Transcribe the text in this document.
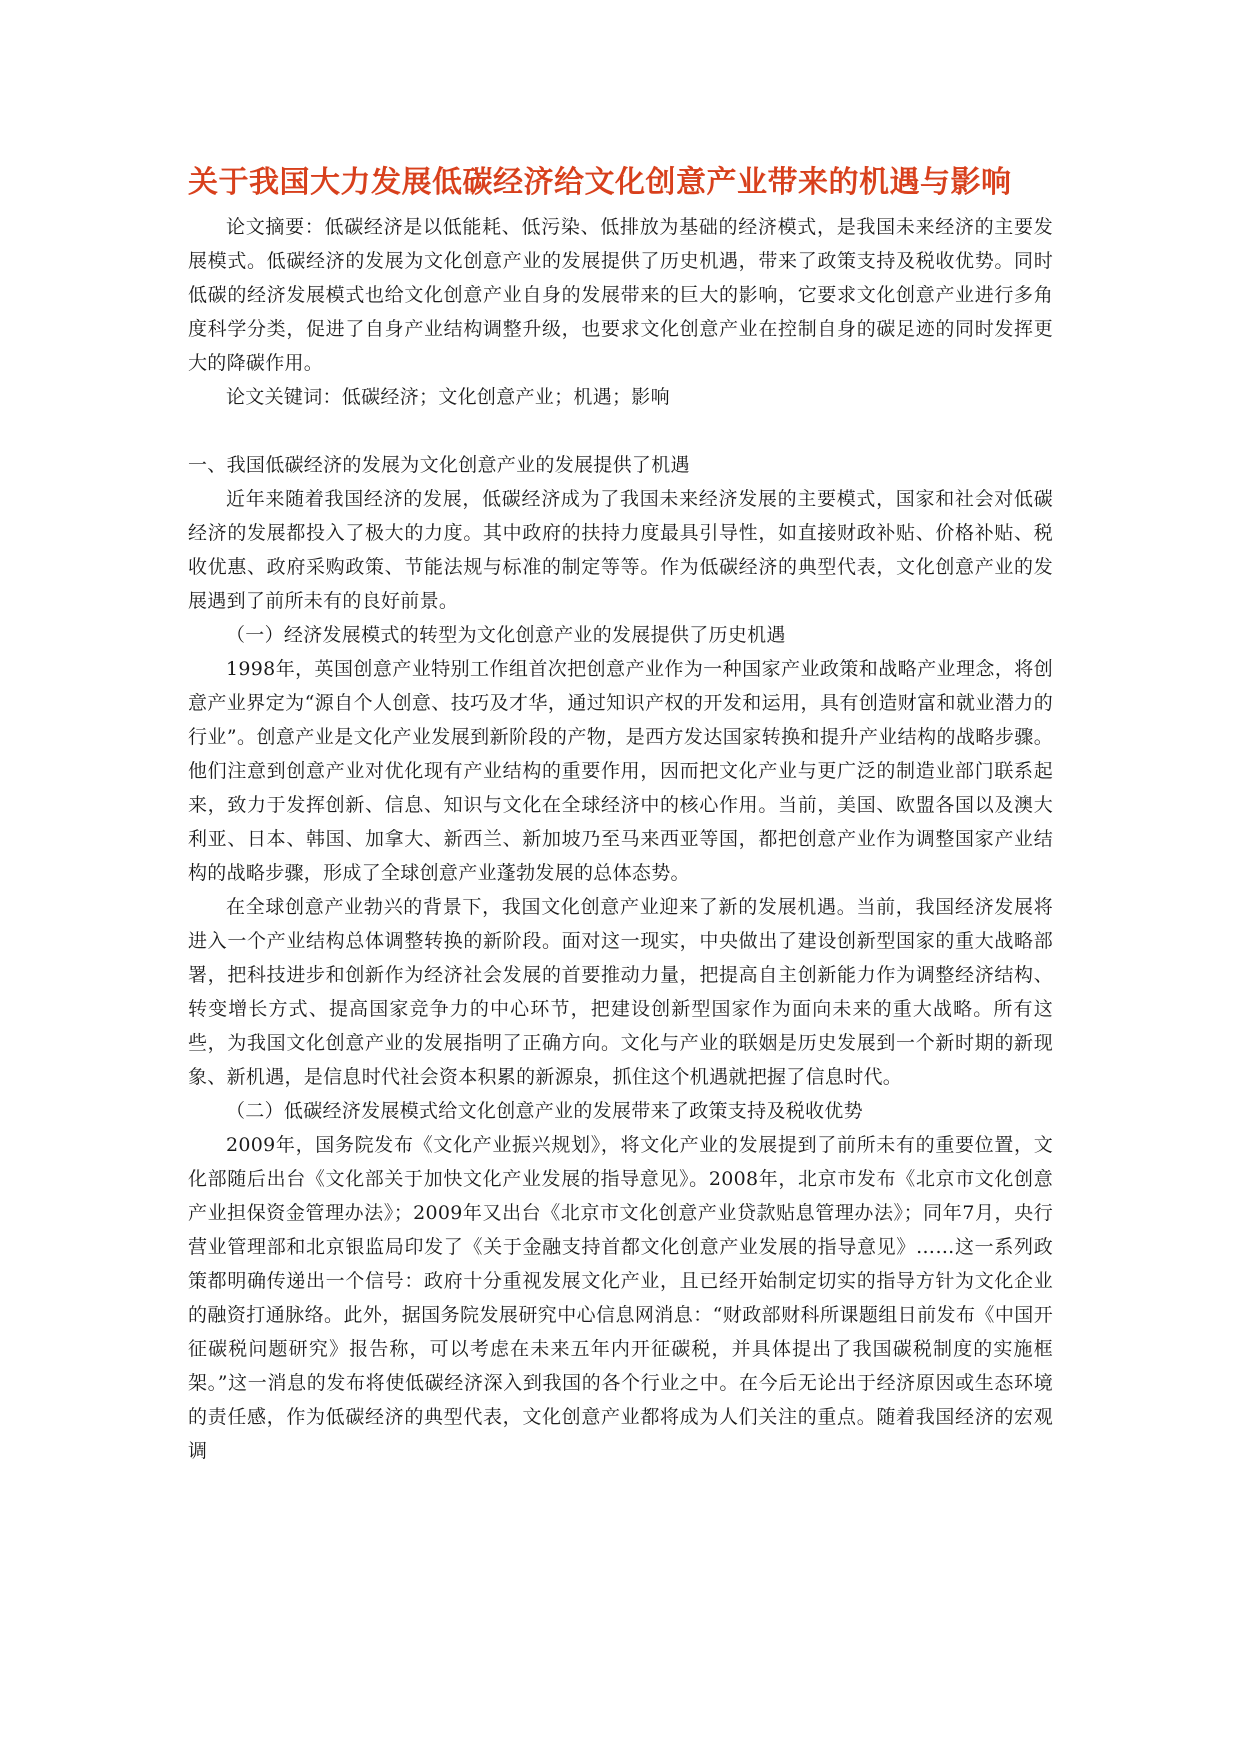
关于我国大力发展低碳经济给文化创意产业带来的机遇与影响

论文摘要：低碳经济是以低能耗、低污染、低排放为基础的经济模式，是我国未来经济的主要发展模式。低碳经济的发展为文化创意产业的发展提供了历史机遇，带来了政策支持及税收优势。同时低碳的经济发展模式也给文化创意产业自身的发展带来的巨大的影响，它要求文化创意产业进行多角度科学分类，促进了自身产业结构调整升级，也要求文化创意产业在控制自身的碳足迹的同时发挥更大的降碳作用。

论文关键词：低碳经济；文化创意产业；机遇；影响

一、我国低碳经济的发展为文化创意产业的发展提供了机遇

近年来随着我国经济的发展，低碳经济成为了我国未来经济发展的主要模式，国家和社会对低碳经济的发展都投入了极大的力度。其中政府的扶持力度最具引导性，如直接财政补贴、价格补贴、税收优惠、政府采购政策、节能法规与标准的制定等等。作为低碳经济的典型代表，文化创意产业的发展遇到了前所未有的良好前景。

（一）经济发展模式的转型为文化创意产业的发展提供了历史机遇

1998年，英国创意产业特别工作组首次把创意产业作为一种国家产业政策和战略产业理念，将创意产业界定为“源自个人创意、技巧及才华，通过知识产权的开发和运用，具有创造财富和就业潜力的行业”。创意产业是文化产业发展到新阶段的产物，是西方发达国家转换和提升产业结构的战略步骤。他们注意到创意产业对优化现有产业结构的重要作用，因而把文化产业与更广泛的制造业部门联系起来，致力于发挥创新、信息、知识与文化在全球经济中的核心作用。当前，美国、欧盟各国以及澳大利亚、日本、韩国、加拿大、新西兰、新加坡乃至马来西亚等国，都把创意产业作为调整国家产业结构的战略步骤，形成了全球创意产业蓬勃发展的总体态势。

在全球创意产业勃兴的背景下，我国文化创意产业迎来了新的发展机遇。当前，我国经济发展将进入一个产业结构总体调整转换的新阶段。面对这一现实，中央做出了建设创新型国家的重大战略部署，把科技进步和创新作为经济社会发展的首要推动力量，把提高自主创新能力作为调整经济结构、转变增长方式、提高国家竞争力的中心环节，把建设创新型国家作为面向未来的重大战略。所有这些，为我国文化创意产业的发展指明了正确方向。文化与产业的联姻是历史发展到一个新时期的新现象、新机遇，是信息时代社会资本积累的新源泉，抓住这个机遇就把握了信息时代。

（二）低碳经济发展模式给文化创意产业的发展带来了政策支持及税收优势

2009年，国务院发布《文化产业振兴规划》，将文化产业的发展提到了前所未有的重要位置，文化部随后出台《文化部关于加快文化产业发展的指导意见》。2008年，北京市发布《北京市文化创意产业担保资金管理办法》；2009年又出台《北京市文化创意产业贷款贴息管理办法》；同年7月，央行营业管理部和北京银监局印发了《关于金融支持首都文化创意产业发展的指导意见》……这一系列政策都明确传递出一个信号：政府十分重视发展文化产业，且已经开始制定切实的指导方针为文化企业的融资打通脉络。此外，据国务院发展研究中心信息网消息：“财政部财科所课题组日前发布《中国开征碳税问题研究》报告称，可以考虑在未来五年内开征碳税，并具体提出了我国碳税制度的实施框架。”这一消息的发布将使低碳经济深入到我国的各个行业之中。在今后无论出于经济原因或生态环境的责任感，作为低碳经济的典型代表，文化创意产业都将成为人们关注的重点。随着我国经济的宏观调
